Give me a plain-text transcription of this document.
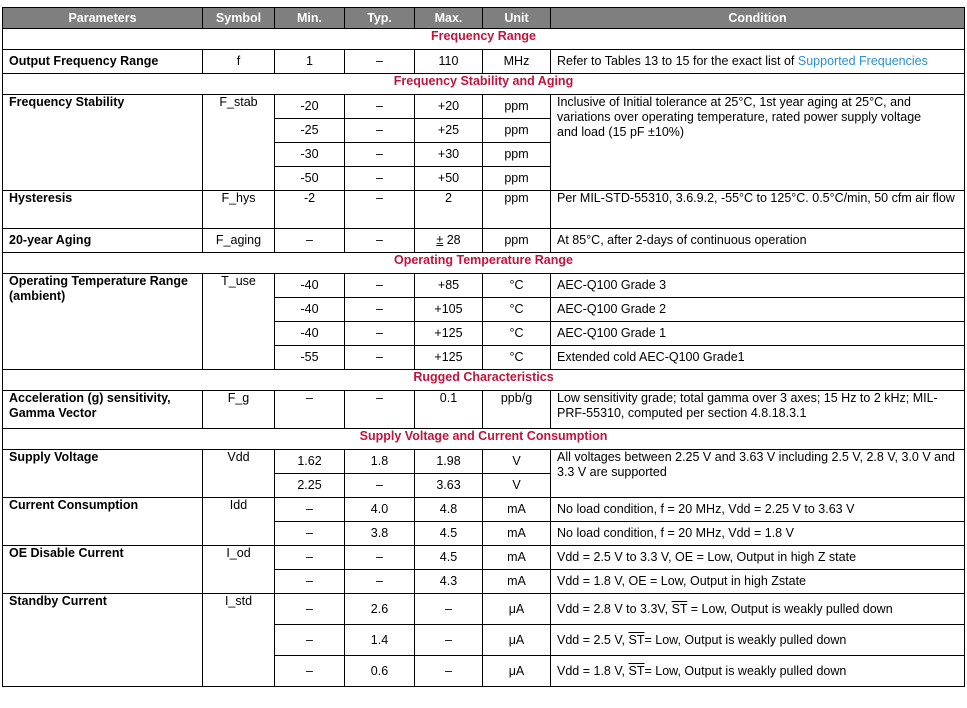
Parameters	Symbol	Min.	Typ.	Max.	Unit	Condition
Frequency Range						
Output Frequency Range	f	1	–	110	MHz	Refer to Tables 13 to 15 for the exact list of Supported Frequencies
Frequency Stability and Aging						
Frequency Stability	F_stab	-20	–	+20	ppm	Inclusive of Initial tolerance at 25°C, 1st year aging at 25°C, and variations over operating temperature, rated power supply voltage and load (15 pF ±10%)
		-25	–	+25	ppm	
		-30	–	+30	ppm	
		-50	–	+50	ppm	
Hysteresis	F_hys	-2	–	2	ppm	Per MIL-STD-55310, 3.6.9.2, -55°C to 125°C. 0.5°C/min, 50 cfm air flow
20-year Aging	F_aging	–	–	± 28	ppm	At 85°C, after 2-days of continuous operation
Operating Temperature Range						
Operating Temperature Range (ambient)	T_use	-40	–	+85	°C	AEC-Q100 Grade 3
		-40	–	+105	°C	AEC-Q100 Grade 2
		-40	–	+125	°C	AEC-Q100 Grade 1
		-55	–	+125	°C	Extended cold AEC-Q100 Grade1
Rugged Characteristics						
Acceleration (g) sensitivity, Gamma Vector	F_g	–	–	0.1	ppb/g	Low sensitivity grade; total gamma over 3 axes; 15 Hz to 2 kHz; MIL-PRF-55310, computed per section 4.8.18.3.1
Supply Voltage and Current Consumption						
Supply Voltage	Vdd	1.62	1.8	1.98	V	All voltages between 2.25 V and 3.63 V including 2.5 V, 2.8 V, 3.0 V and 3.3 V are supported
		2.25	–	3.63	V	
Current Consumption	Idd	–	4.0	4.8	mA	No load condition, f = 20 MHz, Vdd = 2.25 V to 3.63 V
		–	3.8	4.5	mA	No load condition, f = 20 MHz, Vdd = 1.8 V
OE Disable Current	I_od	–	–	4.5	mA	Vdd = 2.5 V to 3.3 V, OE = Low, Output in high Z state
		–	–	4.3	mA	Vdd = 1.8 V, OE = Low, Output in high Zstate
Standby Current	I_std	–	2.6	–	μA	Vdd = 2.8 V to 3.3V, $\overline{ST}$ = Low, Output is weakly pulled down
		–	1.4	–	μA	Vdd = 2.5 V, $\overline{ST}=$ Low, Output is weakly pulled down
		–	0.6	–	μA	Vdd = 1.8 V, $\overline{ST}=$ Low, Output is weakly pulled down
